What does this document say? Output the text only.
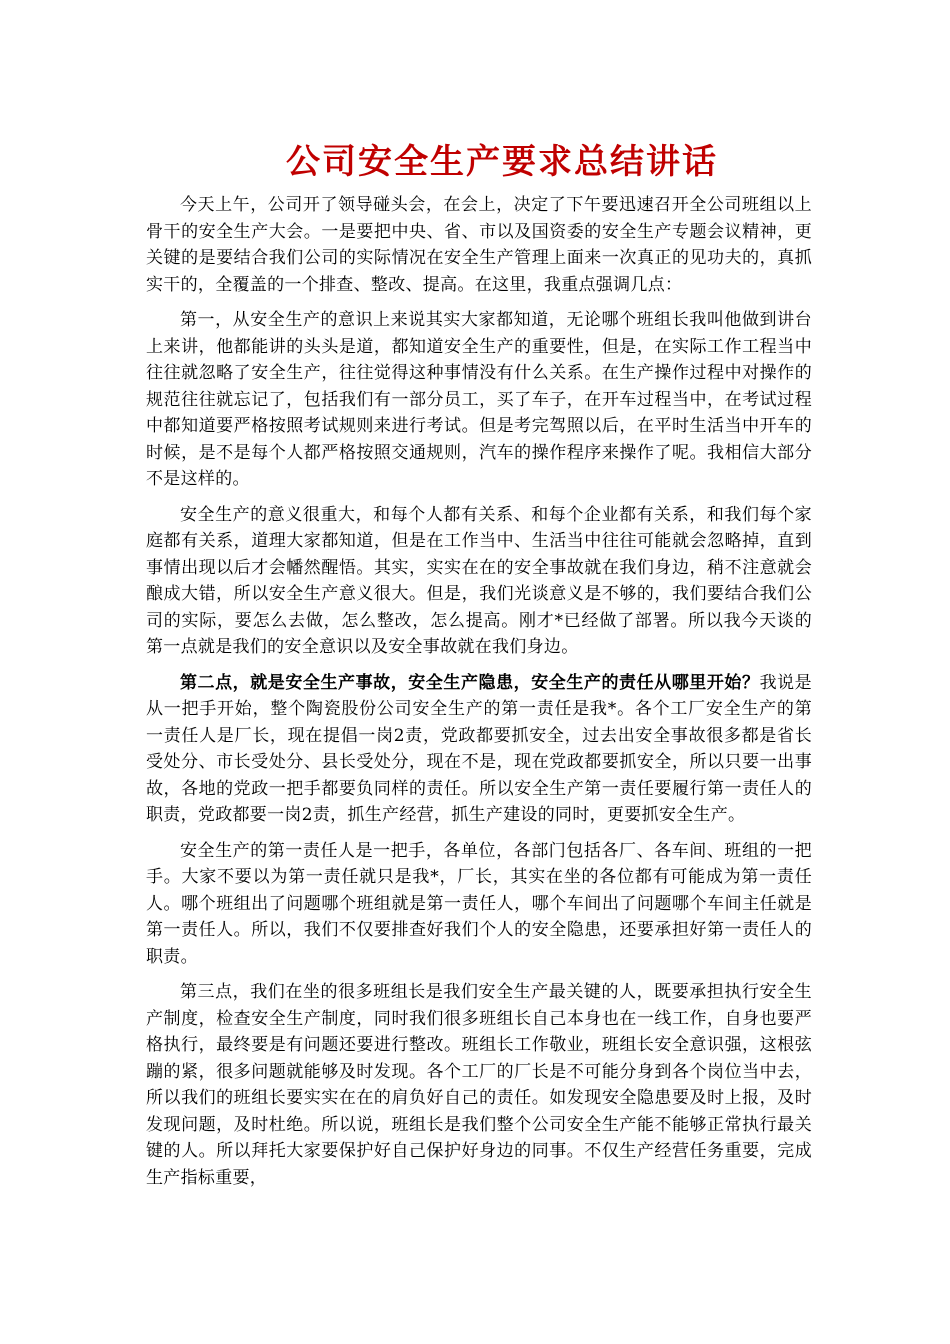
公司安全生产要求总结讲话

今天上午，公司开了领导碰头会，在会上，决定了下午要迅速召开全公司班组以上骨干的安全生产大会。一是要把中央、省、市以及国资委的安全生产专题会议精神，更关键的是要结合我们公司的实际情况在安全生产管理上面来一次真正的见功夫的，真抓实干的，全覆盖的一个排查、整改、提高。在这里，我重点强调几点：

第一，从安全生产的意识上来说其实大家都知道，无论哪个班组长我叫他做到讲台上来讲，他都能讲的头头是道，都知道安全生产的重要性，但是，在实际工作工程当中往往就忽略了安全生产，往往觉得这种事情没有什么关系。在生产操作过程中对操作的规范往往就忘记了，包括我们有一部分员工，买了车子，在开车过程当中，在考试过程中都知道要严格按照考试规则来进行考试。但是考完驾照以后，在平时生活当中开车的时候，是不是每个人都严格按照交通规则，汽车的操作程序来操作了呢。我相信大部分不是这样的。

安全生产的意义很重大，和每个人都有关系、和每个企业都有关系，和我们每个家庭都有关系，道理大家都知道，但是在工作当中、生活当中往往可能就会忽略掉，直到事情出现以后才会幡然醒悟。其实，实实在在的安全事故就在我们身边，稍不注意就会酿成大错，所以安全生产意义很大。但是，我们光谈意义是不够的，我们要结合我们公司的实际，要怎么去做，怎么整改，怎么提高。刚才*已经做了部署。所以我今天谈的第一点就是我们的安全意识以及安全事故就在我们身边。

第二点，就是安全生产事故，安全生产隐患，安全生产的责任从哪里开始？我说是从一把手开始，整个陶瓷股份公司安全生产的第一责任是我*。各个工厂安全生产的第一责任人是厂长，现在提倡一岗2责，党政都要抓安全，过去出安全事故很多都是省长受处分、市长受处分、县长受处分，现在不是，现在党政都要抓安全，所以只要一出事故，各地的党政一把手都要负同样的责任。所以安全生产第一责任要履行第一责任人的职责，党政都要一岗2责，抓生产经营，抓生产建设的同时，更要抓安全生产。

安全生产的第一责任人是一把手，各单位，各部门包括各厂、各车间、班组的一把手。大家不要以为第一责任就只是我*，厂长，其实在坐的各位都有可能成为第一责任人。哪个班组出了问题哪个班组就是第一责任人，哪个车间出了问题哪个车间主任就是第一责任人。所以，我们不仅要排查好我们个人的安全隐患，还要承担好第一责任人的职责。

第三点，我们在坐的很多班组长是我们安全生产最关键的人，既要承担执行安全生产制度，检查安全生产制度，同时我们很多班组长自己本身也在一线工作，自身也要严格执行，最终要是有问题还要进行整改。班组长工作敬业，班组长安全意识强，这根弦蹦的紧，很多问题就能够及时发现。各个工厂的厂长是不可能分身到各个岗位当中去，所以我们的班组长要实实在在的肩负好自己的责任。如发现安全隐患要及时上报，及时发现问题，及时杜绝。所以说，班组长是我们整个公司安全生产能不能够正常执行最关键的人。所以拜托大家要保护好自己保护好身边的同事。不仅生产经营任务重要，完成生产指标重要，
